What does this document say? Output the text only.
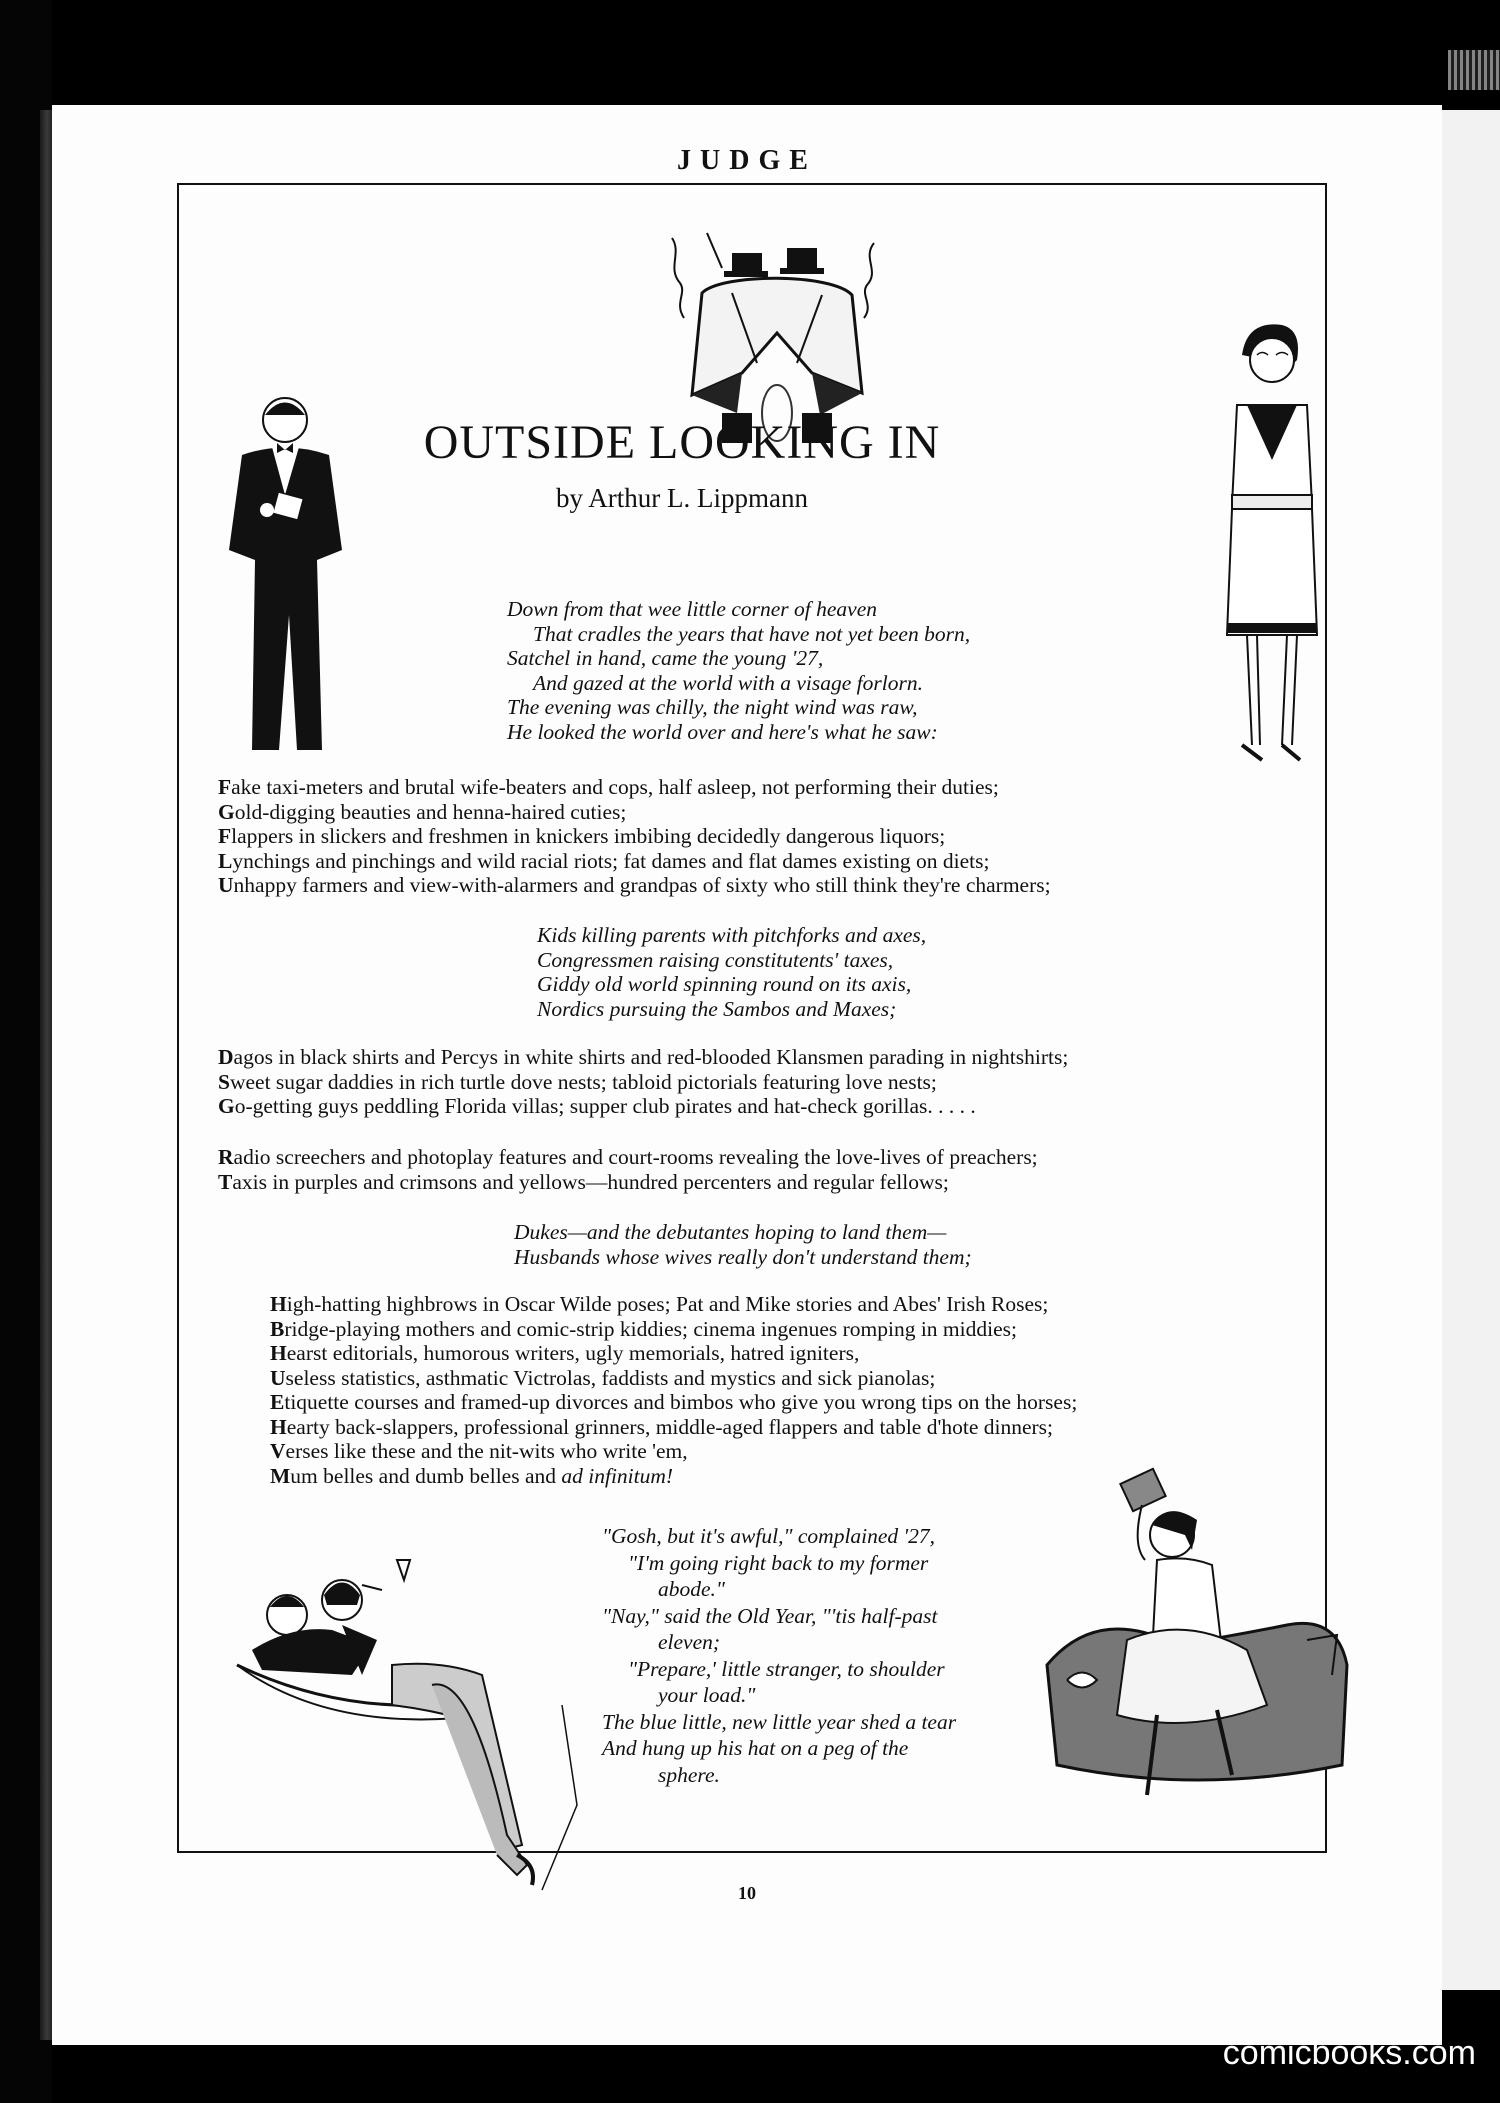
JUDGE
OUTSIDE LOOKING IN
by Arthur L. Lippmann
Down from that wee little corner of heaven
That cradles the years that have not yet been born,
Satchel in hand, came the young '27,
And gazed at the world with a visage forlorn.
The evening was chilly, the night wind was raw,
He looked the world over and here's what he saw:
Fake taxi-meters and brutal wife-beaters and cops, half asleep, not performing their duties;
Gold-digging beauties and henna-haired cuties;
Flappers in slickers and freshmen in knickers imbibing decidedly dangerous liquors;
Lynchings and pinchings and wild racial riots; fat dames and flat dames existing on diets;
Unhappy farmers and view-with-alarmers and grandpas of sixty who still think they're charmers;
Kids killing parents with pitchforks and axes,
Congressmen raising constitutents' taxes,
Giddy old world spinning round on its axis,
Nordics pursuing the Sambos and Maxes;
Dagos in black shirts and Percys in white shirts and red-blooded Klansmen parading in nightshirts;
Sweet sugar daddies in rich turtle dove nests; tabloid pictorials featuring love nests;
Go-getting guys peddling Florida villas; supper club pirates and hat-check gorillas. . . . .
Radio screechers and photoplay features and court-rooms revealing the love-lives of preachers;
Taxis in purples and crimsons and yellows—hundred percenters and regular fellows;
Dukes—and the debutantes hoping to land them—
Husbands whose wives really don't understand them;
High-hatting highbrows in Oscar Wilde poses; Pat and Mike stories and Abes' Irish Roses;
Bridge-playing mothers and comic-strip kiddies; cinema ingenues romping in middies;
Hearst editorials, humorous writers, ugly memorials, hatred igniters,
Useless statistics, asthmatic Victrolas, faddists and mystics and sick pianolas;
Etiquette courses and framed-up divorces and bimbos who give you wrong tips on the horses;
Hearty back-slappers, professional grinners, middle-aged flappers and table d'hote dinners;
Verses like these and the nit-wits who write 'em,
Mum belles and dumb belles and ad infinitum!
"Gosh, but it's awful," complained '27,
"I'm going right back to my former
abode."
"Nay," said the Old Year, "'tis half-past
eleven;
"Prepare,' little stranger, to shoulder
your load."
The blue little, new little year shed a tear
And hung up his hat on a peg of the
sphere.
10
comicbooks.com
